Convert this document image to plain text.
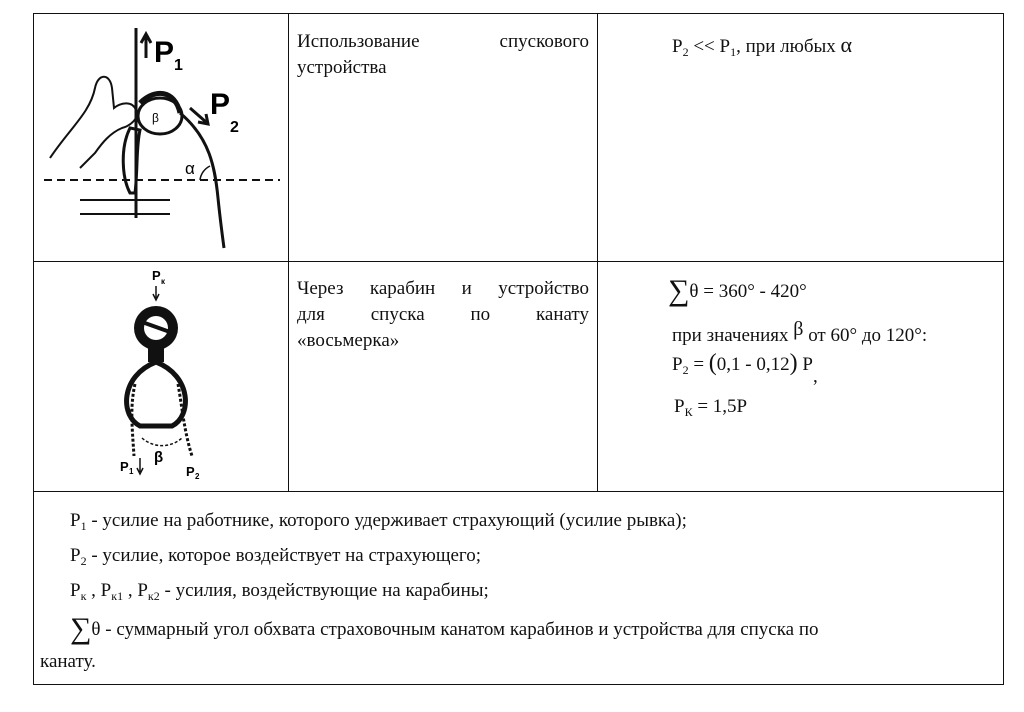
α
β
P 1
P
2
Использование спускового
устройства
$P_2 << P_1$, при любых α
P к
β
P 1	P 2
Через карабин и устройство
для спуска по канату
«восьмерка»
∑θ = 360° - 420°
при значениях β от 60° до 120°:
$P_2 = (0,1 - 0,12)$ P,
$P_К = 1,5P$
$P_1$ - усилие на работнике, которого удерживает страхующий (усилие рывка);
$P_2$ - усилие, которое воздействует на страхующего;
$P_к$ , $P_{к1}$ , $P_{к2}$ - усилия, воздействующие на карабины;
∑θ - суммарный угол обхвата страховочным канатом карабинов и устройства для спуска по
канату.
